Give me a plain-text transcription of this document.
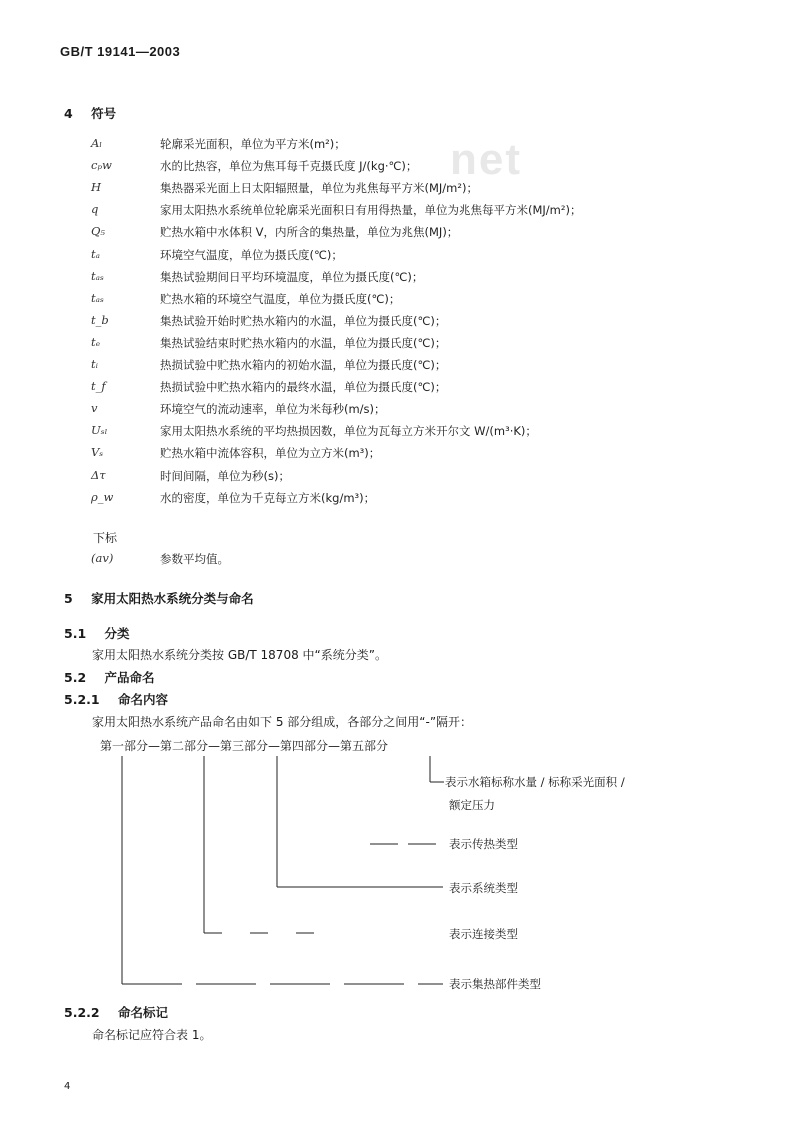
GB/T 19141—2003
net
4 符号
Aₗ	轮廓采光面积，单位为平方米(m²)；
cₚw	水的比热容，单位为焦耳每千克摄氏度 J/(kg·℃)；
H	集热器采光面上日太阳辐照量，单位为兆焦每平方米(MJ/m²)；
q	家用太阳热水系统单位轮廓采光面积日有用得热量，单位为兆焦每平方米(MJ/m²)；
Q₅	贮热水箱中水体积 V，内所含的集热量，单位为兆焦(MJ)；
tₐ	环境空气温度，单位为摄氏度(℃)；
tₐₛ	集热试验期间日平均环境温度，单位为摄氏度(℃)；
tₐₛ	贮热水箱的环境空气温度，单位为摄氏度(℃)；
t_b	集热试验开始时贮热水箱内的水温，单位为摄氏度(℃)；
tₑ	集热试验结束时贮热水箱内的水温，单位为摄氏度(℃)；
tᵢ	热损试验中贮热水箱内的初始水温，单位为摄氏度(℃)；
t_f	热损试验中贮热水箱内的最终水温，单位为摄氏度(℃)；
v	环境空气的流动速率，单位为米每秒(m/s)；
Uₛₗ	家用太阳热水系统的平均热损因数，单位为瓦每立方米开尔文 W/(m³·K)；
Vₛ	贮热水箱中流体容积，单位为立方米(m³)；
Δτ	时间间隔，单位为秒(s)；
ρ_w	水的密度，单位为千克每立方米(kg/m³)；
下标
(av)	参数平均值。
5 家用太阳热水系统分类与命名
5.1 分类
家用太阳热水系统分类按 GB/T 18708 中“系统分类”。
5.2 产品命名
5.2.1 命名内容
家用太阳热水系统产品命名由如下 5 部分组成，各部分之间用“-”隔开：
第一部分—第二部分—第三部分—第四部分—第五部分
表示水箱标称水量 / 标称采光面积 /
额定压力
表示传热类型
表示系统类型
表示连接类型
表示集热部件类型
5.2.2 命名标记
命名标记应符合表 1。
4
